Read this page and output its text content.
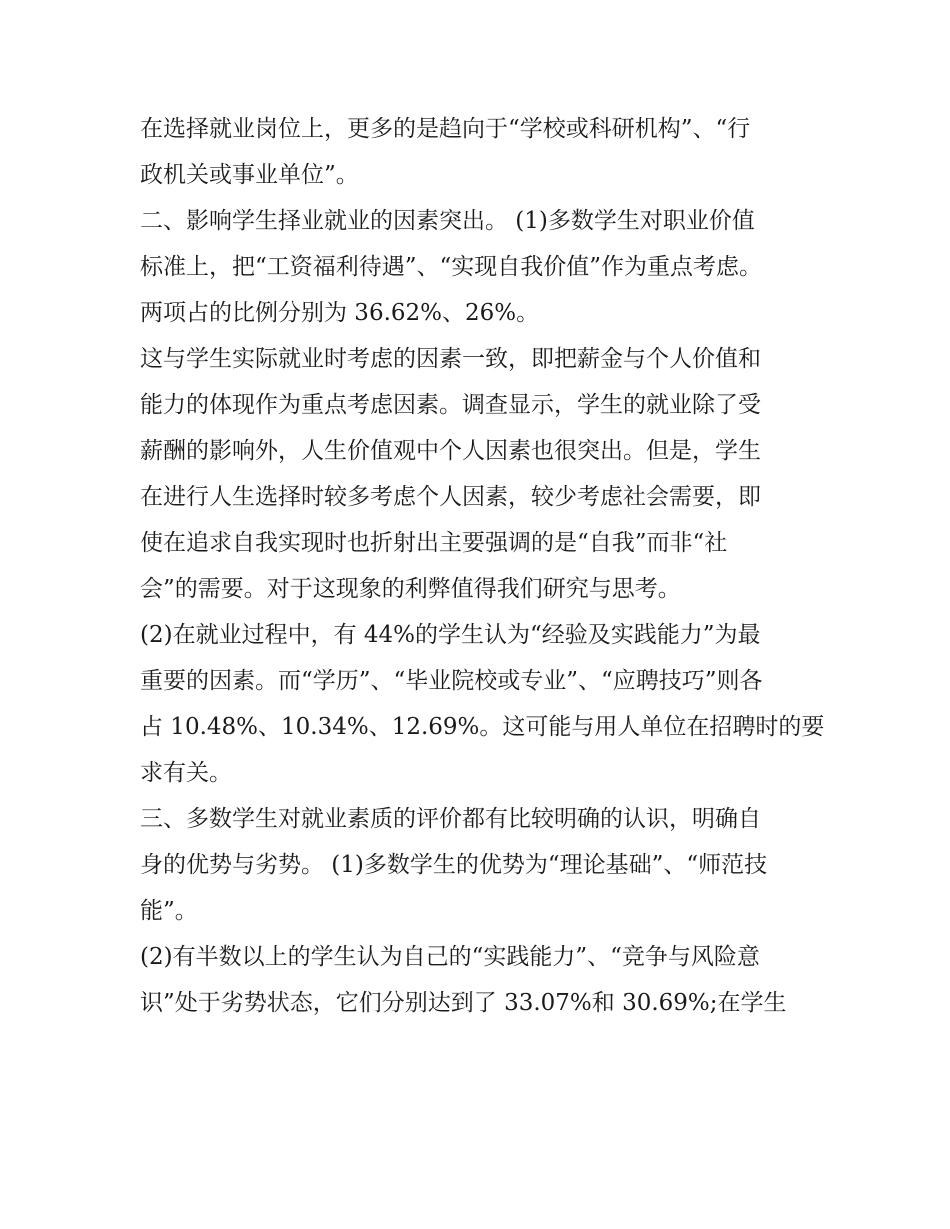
在选择就业岗位上，更多的是趋向于“学校或科研机构”、“行
政机关或事业单位”。
二、影响学生择业就业的因素突出。 (1)多数学生对职业价值
标准上，把“工资福利待遇”、“实现自我价值”作为重点考虑。
两项占的比例分别为 36.62%、26%。
这与学生实际就业时考虑的因素一致，即把薪金与个人价值和
能力的体现作为重点考虑因素。调查显示，学生的就业除了受
薪酬的影响外，人生价值观中个人因素也很突出。但是，学生
在进行人生选择时较多考虑个人因素，较少考虑社会需要，即
使在追求自我实现时也折射出主要强调的是“自我”而非“社
会”的需要。对于这现象的利弊值得我们研究与思考。
(2)在就业过程中，有 44%的学生认为“经验及实践能力”为最
重要的因素。而“学历”、“毕业院校或专业”、“应聘技巧”则各
占 10.48%、10.34%、12.69%。这可能与用人单位在招聘时的要
求有关。
三、多数学生对就业素质的评价都有比较明确的认识，明确自
身的优势与劣势。 (1)多数学生的优势为“理论基础”、“师范技
能”。
(2)有半数以上的学生认为自己的“实践能力”、“竞争与风险意
识”处于劣势状态，它们分别达到了 33.07%和 30.69%;在学生
